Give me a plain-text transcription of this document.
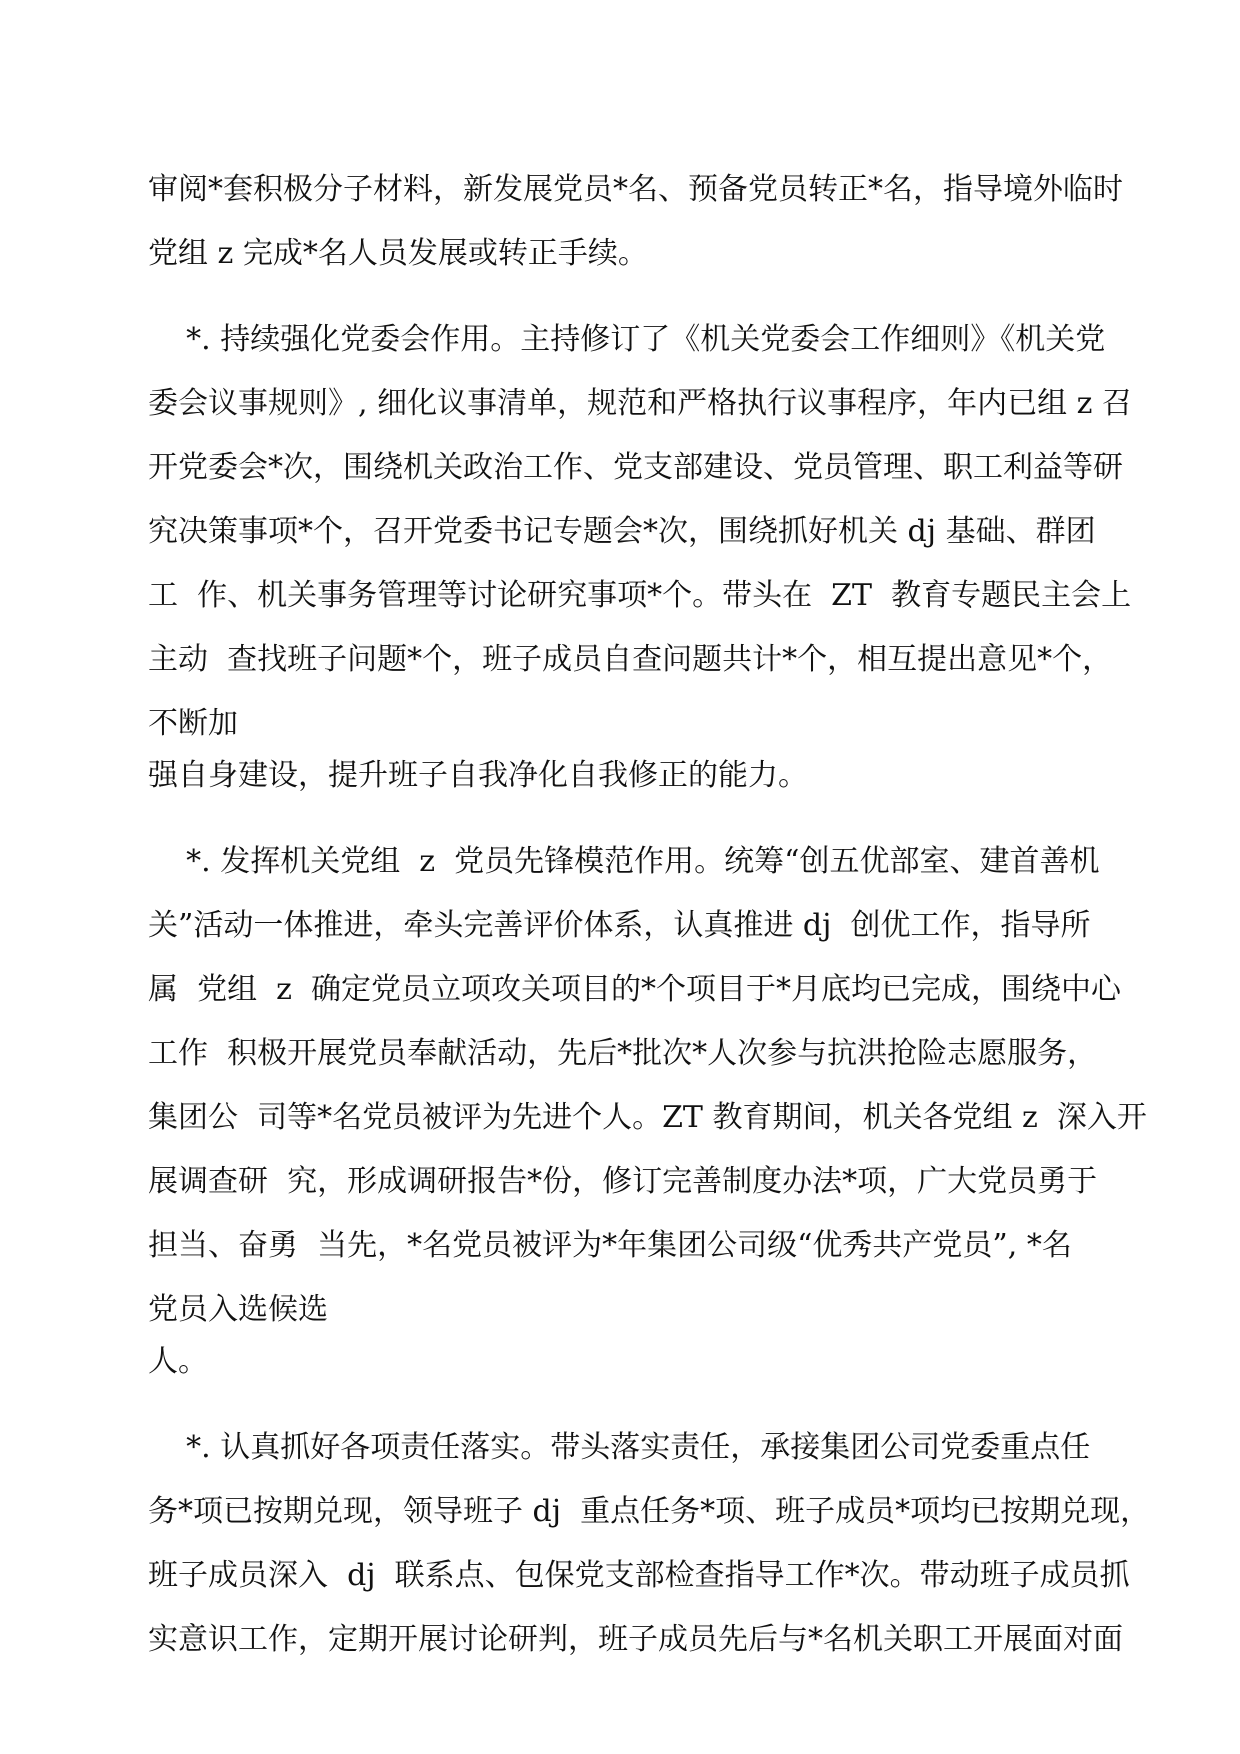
审阅*套积极分子材料，新发展党员*名、预备党员转正*名，指导境外临时
党组 z 完成*名人员发展或转正手续。
*. 持续强化党委会作用。主持修订了《机关党委会工作细则》《机关党
委会议事规则》, 细化议事清单，规范和严格执行议事程序，年内已组 z 召
开党委会*次，围绕机关政治工作、党支部建设、党员管理、职工利益等研
究决策事项*个，召开党委书记专题会*次，围绕抓好机关 dj 基础、群团
工  作、机关事务管理等讨论研究事项*个。带头在  ZT  教育专题民主会上
主动  查找班子问题*个，班子成员自查问题共计*个，相互提出意见*个，
不断加
强自身建设，提升班子自我净化自我修正的能力。
*. 发挥机关党组  z  党员先锋模范作用。统筹“创五优部室、建首善机
关”活动一体推进，牵头完善评价体系，认真推进 dj  创优工作，指导所
属  党组  z  确定党员立项攻关项目的*个项目于*月底均已完成，围绕中心
工作  积极开展党员奉献活动，先后*批次*人次参与抗洪抢险志愿服务，
集团公  司等*名党员被评为先进个人。ZT 教育期间，机关各党组 z  深入开
展调查研  究，形成调研报告*份，修订完善制度办法*项，广大党员勇于
担当、奋勇  当先，*名党员被评为*年集团公司级“优秀共产党员”, *名
党员入选候选
人。
*. 认真抓好各项责任落实。带头落实责任，承接集团公司党委重点任
务*项已按期兑现，领导班子 dj  重点任务*项、班子成员*项均已按期兑现，
班子成员深入  dj  联系点、包保党支部检查指导工作*次。带动班子成员抓
实意识工作，定期开展讨论研判，班子成员先后与*名机关职工开展面对面
